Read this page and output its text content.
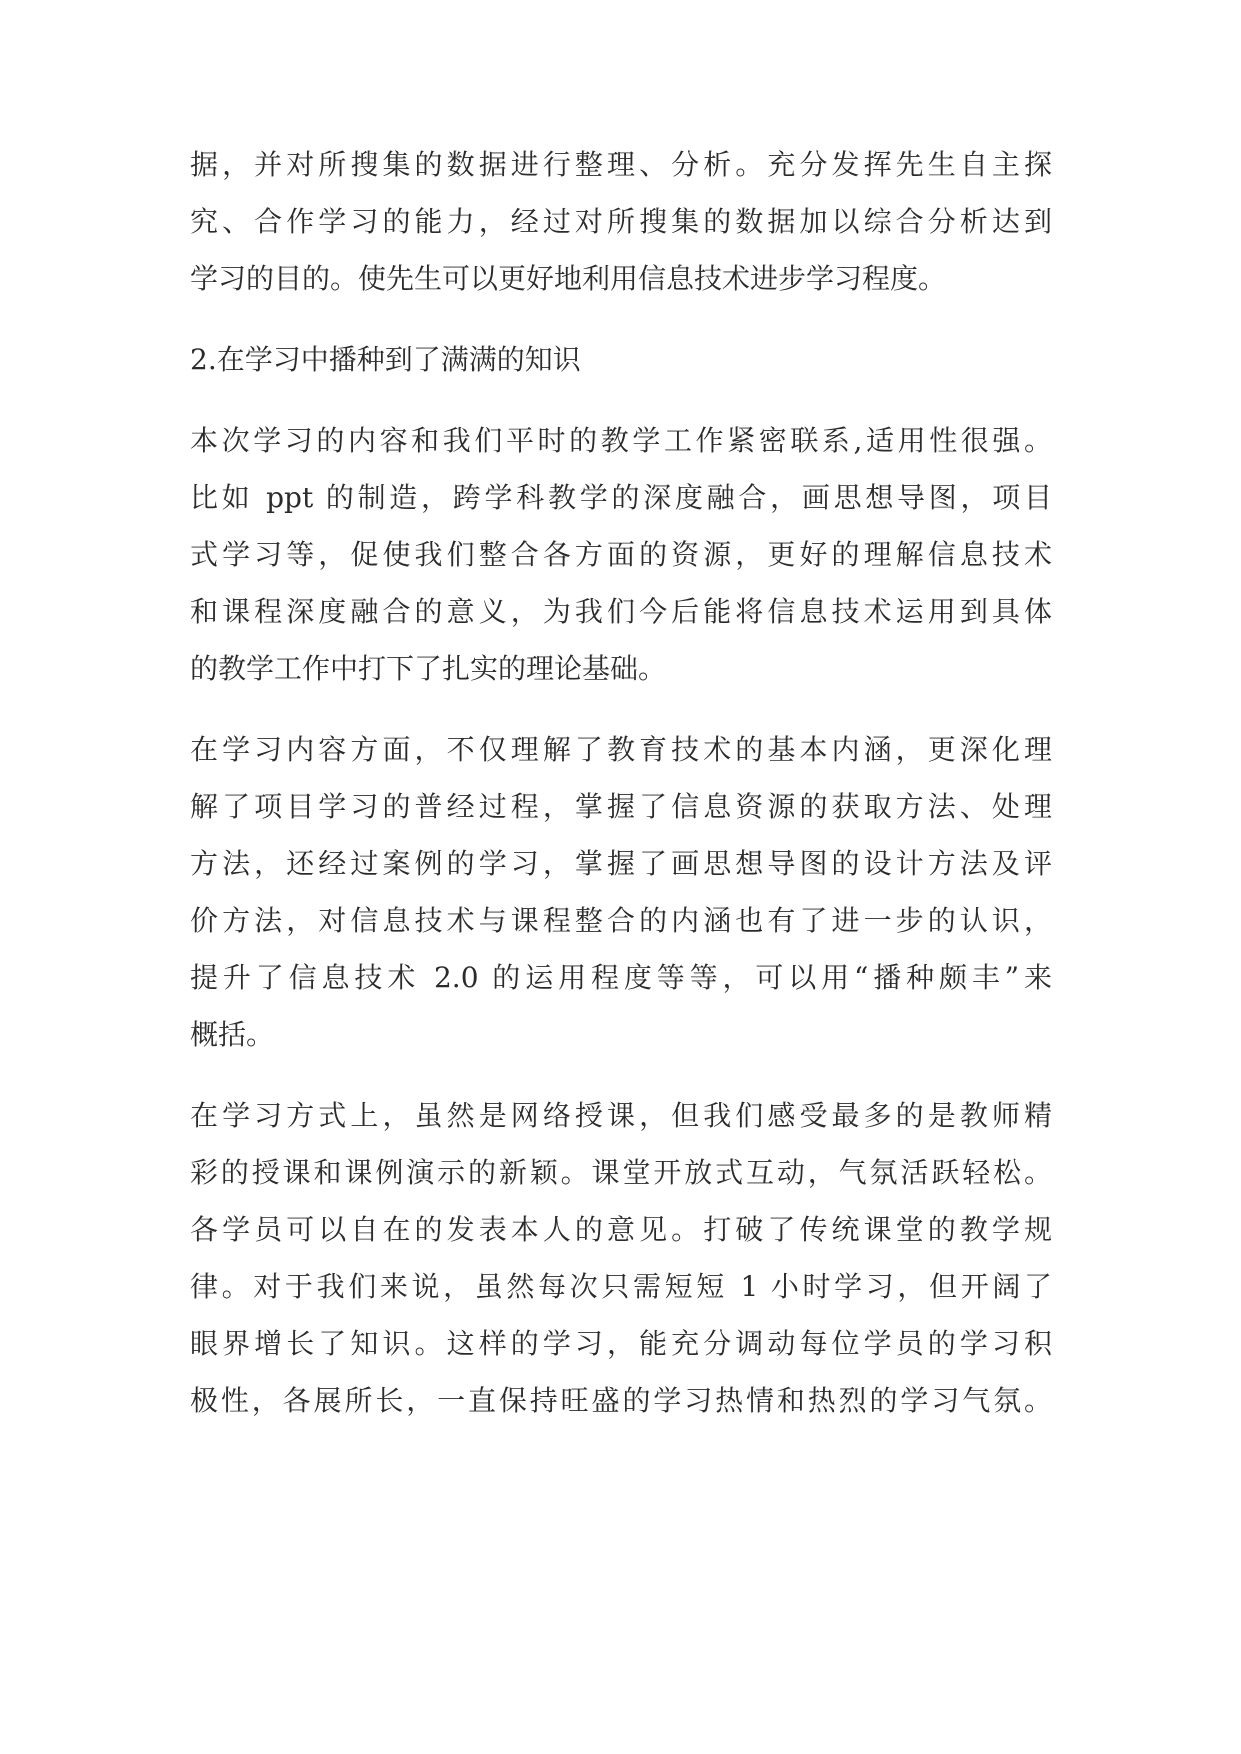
据，并对所搜集的数据进行整理、分析。充分发挥先生自主探
究、合作学习的能力，经过对所搜集的数据加以综合分析达到
学习的目的。使先生可以更好地利用信息技术进步学习程度。
2.在学习中播种到了满满的知识
本次学习的内容和我们平时的教学工作紧密联系,适用性很强。
比如 ppt 的制造，跨学科教学的深度融合，画思想导图，项目
式学习等，促使我们整合各方面的资源，更好的理解信息技术
和课程深度融合的意义，为我们今后能将信息技术运用到具体
的教学工作中打下了扎实的理论基础。
在学习内容方面，不仅理解了教育技术的基本内涵，更深化理
解了项目学习的普经过程，掌握了信息资源的获取方法、处理
方法，还经过案例的学习，掌握了画思想导图的设计方法及评
价方法，对信息技术与课程整合的内涵也有了进一步的认识，
提升了信息技术 2.0 的运用程度等等，可以用“播种颇丰”来
概括。
在学习方式上，虽然是网络授课，但我们感受最多的是教师精
彩的授课和课例演示的新颖。课堂开放式互动，气氛活跃轻松。
各学员可以自在的发表本人的意见。打破了传统课堂的教学规
律。对于我们来说，虽然每次只需短短 1 小时学习，但开阔了
眼界增长了知识。这样的学习，能充分调动每位学员的学习积
极性，各展所长，一直保持旺盛的学习热情和热烈的学习气氛。
